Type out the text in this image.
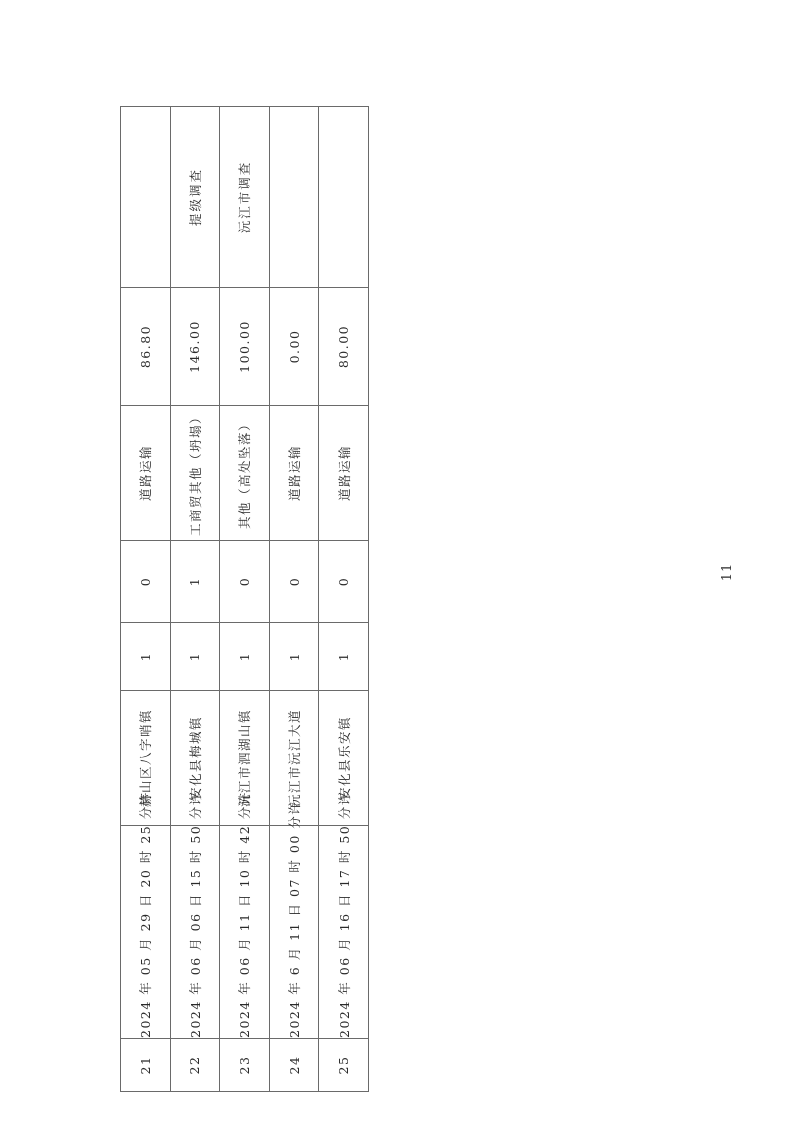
21	2024 年 05 月 29 日 20 时 25 分许	赫山区八字哨镇	1	0	道路运输	86.80	
22	2024 年 06 月 06 日 15 时 50 分许	安化县梅城镇	1	1	工商贸其他（坍塌）	146.00	提级调查
23	2024 年 06 月 11 日 10 时 42 分许	沅江市泗湖山镇	1	0	其他（高处坠落）	100.00	沅江市调查
24	2024 年 6 月 11 日 07 时 00 分许	沅江市沅江大道	1	0	道路运输	0.00	
25	2024 年 06 月 16 日 17 时 50 分许	安化县乐安镇	1	0	道路运输	80.00	
11
